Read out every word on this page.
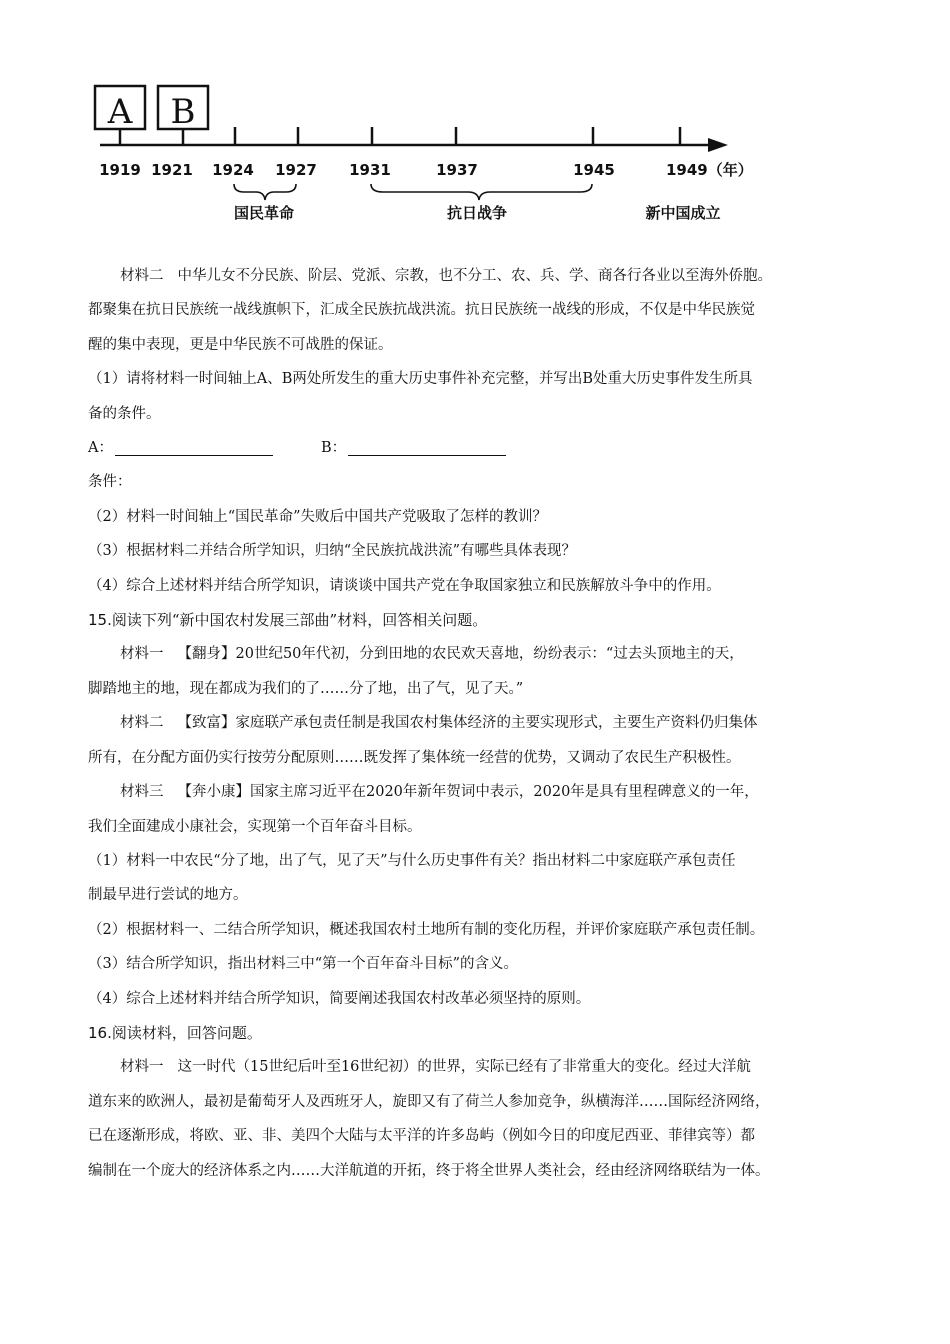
A B
1919 1921 1924 1927 1931	1937	1945	1949（年）
国民革命	抗日战争	新中国成立

材料二 中华儿女不分民族、阶层、党派、宗教，也不分工、农、兵、学、商各行各业以至海外侨胞。

都聚集在抗日民族统一战线旗帜下，汇成全民族抗战洪流。抗日民族统一战线的形成，不仅是中华民族觉

醒的集中表现，更是中华民族不可战胜的保证。

（1）请将材料一时间轴上A、B两处所发生的重大历史事件补充完整，并写出B处重大历史事件发生所具

备的条件。

A：	B：

条件：

（2）材料一时间轴上“国民革命”失败后中国共产党吸取了怎样的教训？

（3）根据材料二并结合所学知识，归纳“全民族抗战洪流”有哪些具体表现？

（4）综合上述材料并结合所学知识，请谈谈中国共产党在争取国家独立和民族解放斗争中的作用。

15.阅读下列“新中国农村发展三部曲”材料，回答相关问题。

材料一 【翻身】20世纪50年代初，分到田地的农民欢天喜地，纷纷表示：“过去头顶地主的天，

脚踏地主的地，现在都成为我们的了……分了地，出了气，见了天。”

材料二 【致富】家庭联产承包责任制是我国农村集体经济的主要实现形式，主要生产资料仍归集体

所有，在分配方面仍实行按劳分配原则……既发挥了集体统一经营的优势，又调动了农民生产积极性。

材料三 【奔小康】国家主席习近平在2020年新年贺词中表示，2020年是具有里程碑意义的一年，

我们全面建成小康社会，实现第一个百年奋斗目标。

（1）材料一中农民“分了地，出了气，见了天”与什么历史事件有关？指出材料二中家庭联产承包责任

制最早进行尝试的地方。

（2）根据材料一、二结合所学知识，概述我国农村土地所有制的变化历程，并评价家庭联产承包责任制。

（3）结合所学知识，指出材料三中“第一个百年奋斗目标”的含义。

（4）综合上述材料并结合所学知识，简要阐述我国农村改革必须坚持的原则。

16.阅读材料，回答问题。

材料一 这一时代（15世纪后叶至16世纪初）的世界，实际已经有了非常重大的变化。经过大洋航

道东来的欧洲人，最初是葡萄牙人及西班牙人，旋即又有了荷兰人参加竞争，纵横海洋……国际经济网络，

已在逐渐形成，将欧、亚、非、美四个大陆与太平洋的许多岛屿（例如今日的印度尼西亚、菲律宾等）都

编制在一个庞大的经济体系之内……大洋航道的开拓，终于将全世界人类社会，经由经济网络联结为一体。
